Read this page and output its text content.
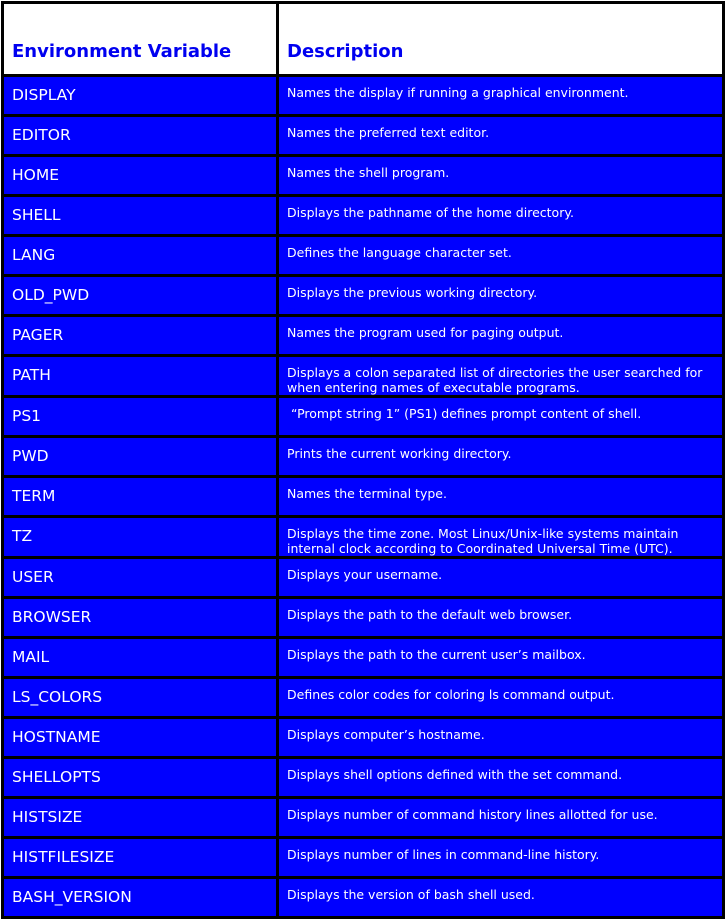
Environment Variable	Description
DISPLAY	Names the display if running a graphical environment.
EDITOR	Names the preferred text editor.
HOME	Names the shell program.
SHELL	Displays the pathname of the home directory.
LANG	Defines the language character set.
OLD_PWD	Displays the previous working directory.
PAGER	Names the program used for paging output.
PATH	Displays a colon separated list of directories the user searched for when entering names of executable programs.
PS1	“Prompt string 1” (PS1) defines prompt content of shell.
PWD	Prints the current working directory.
TERM	Names the terminal type.
TZ	Displays the time zone. Most Linux/Unix-like systems maintain internal clock according to Coordinated Universal Time (UTC).
USER	Displays your username.
BROWSER	Displays the path to the default web browser.
MAIL	Displays the path to the current user’s mailbox.
LS_COLORS	Defines color codes for coloring ls command output.
HOSTNAME	Displays computer’s hostname.
SHELLOPTS	Displays shell options defined with the set command.
HISTSIZE	Displays number of command history lines allotted for use.
HISTFILESIZE	Displays number of lines in command-line history.
BASH_VERSION	Displays the version of bash shell used.
